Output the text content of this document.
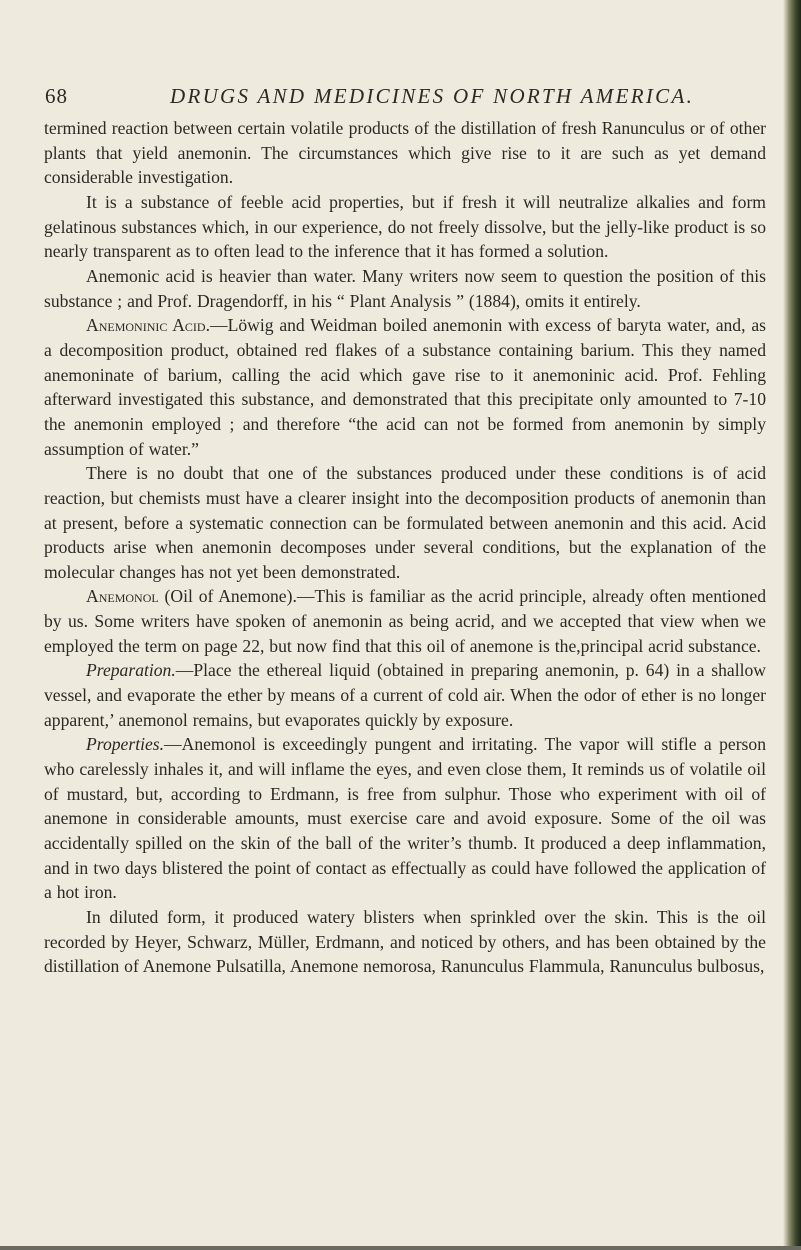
68	DRUGS AND MEDICINES OF NORTH AMERICA.

termined reaction between certain volatile products of the distillation of fresh Ranunculus or of other plants that yield anemonin. The circumstances which give rise to it are such as yet demand considerable investigation.

It is a substance of feeble acid properties, but if fresh it will neutralize alkalies and form gelatinous substances which, in our experience, do not freely dissolve, but the jelly-like product is so nearly transparent as to often lead to the inference that it has formed a solution.

Anemonic acid is heavier than water. Many writers now seem to question the position of this substance ; and Prof. Dragendorff, in his “ Plant Analysis ” (1884), omits it entirely.

Anemoninic Acid.—Löwig and Weidman boiled anemonin with excess of baryta water, and, as a decomposition product, obtained red flakes of a substance containing barium. This they named anemoninate of barium, calling the acid which gave rise to it anemoninic acid. Prof. Fehling afterward investigated this substance, and demonstrated that this precipitate only amounted to 7-10 the anemonin employed ; and therefore “the acid can not be formed from anemonin by simply assumption of water.”

There is no doubt that one of the substances produced under these conditions is of acid reaction, but chemists must have a clearer insight into the decomposition products of anemonin than at present, before a systematic connection can be formulated between anemonin and this acid. Acid products arise when anemonin decomposes under several conditions, but the explanation of the molecular changes has not yet been demonstrated.

Anemonol (Oil of Anemone).—This is familiar as the acrid principle, already often mentioned by us. Some writers have spoken of anemonin as being acrid, and we accepted that view when we employed the term on page 22, but now find that this oil of anemone is the,principal acrid substance.

Preparation.—Place the ethereal liquid (obtained in preparing anemonin, p. 64) in a shallow vessel, and evaporate the ether by means of a current of cold air. When the odor of ether is no longer apparent,’ anemonol remains, but evaporates quickly by exposure.

Properties.—Anemonol is exceedingly pungent and irritating. The vapor will stifle a person who carelessly inhales it, and will inflame the eyes, and even close them, It reminds us of volatile oil of mustard, but, according to Erdmann, is free from sulphur. Those who experiment with oil of anemone in considerable amounts, must exercise care and avoid exposure. Some of the oil was accidentally spilled on the skin of the ball of the writer’s thumb. It produced a deep inflammation, and in two days blistered the point of contact as effectually as could have followed the application of a hot iron.

In diluted form, it produced watery blisters when sprinkled over the skin. This is the oil recorded by Heyer, Schwarz, Müller, Erdmann, and noticed by others, and has been obtained by the distillation of Anemone Pulsatilla, Anemone nemorosa, Ranunculus Flammula, Ranunculus bulbosus,
